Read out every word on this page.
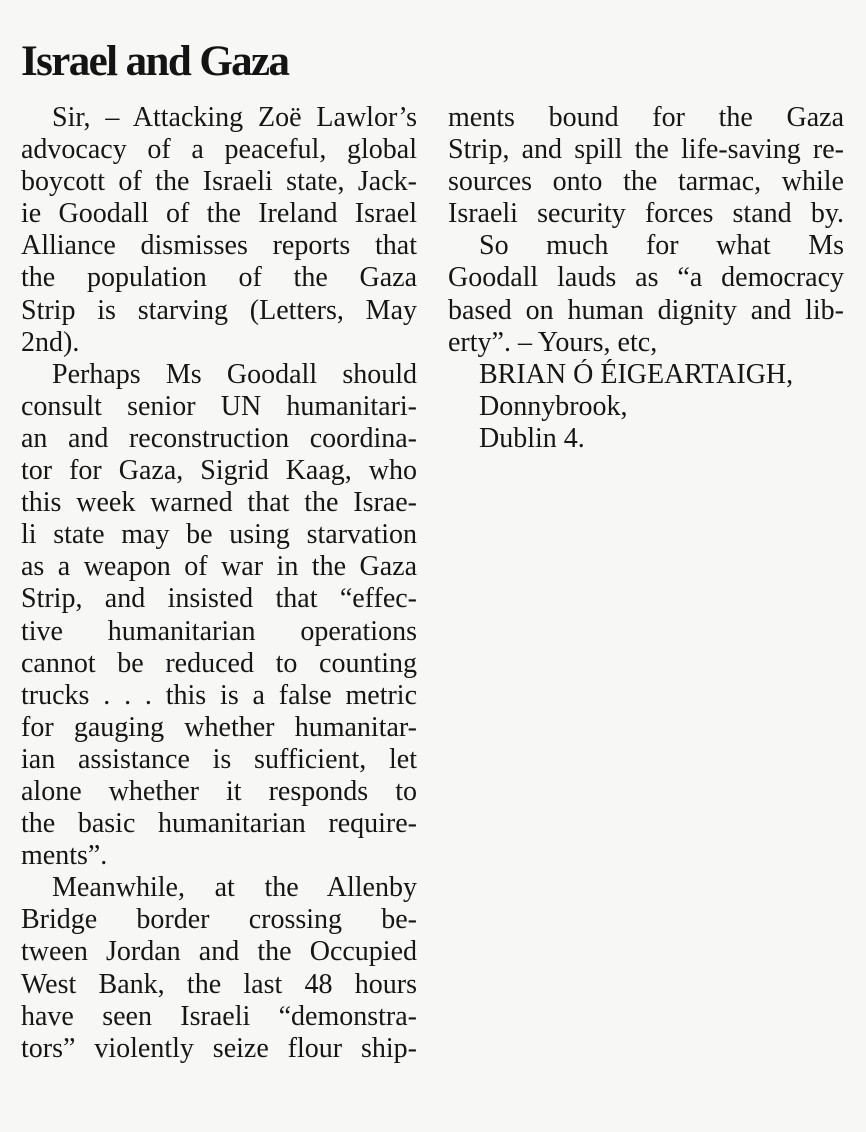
Israel and Gaza
Sir, – Attacking Zoë Lawlor’s
advocacy of a peaceful, global
boycott of the Israeli state, Jack-
ie Goodall of the Ireland Israel
Alliance dismisses reports that
the population of the Gaza
Strip is starving (Letters, May
2nd).
Perhaps Ms Goodall should
consult senior UN humanitari-
an and reconstruction coordina-
tor for Gaza, Sigrid Kaag, who
this week warned that the Israe-
li state may be using starvation
as a weapon of war in the Gaza
Strip, and insisted that “effec-
tive humanitarian operations
cannot be reduced to counting
trucks . . . this is a false metric
for gauging whether humanitar-
ian assistance is sufficient, let
alone whether it responds to
the basic humanitarian require-
ments”.
Meanwhile, at the Allenby
Bridge border crossing be-
tween Jordan and the Occupied
West Bank, the last 48 hours
have seen Israeli “demonstra-
tors” violently seize flour ship-
ments bound for the Gaza
Strip, and spill the life-saving re-
sources onto the tarmac, while
Israeli security forces stand by.
So much for what Ms
Goodall lauds as “a democracy
based on human dignity and lib-
erty”. – Yours, etc,
BRIAN Ó ÉIGEARTAIGH,
Donnybrook,
Dublin 4.
